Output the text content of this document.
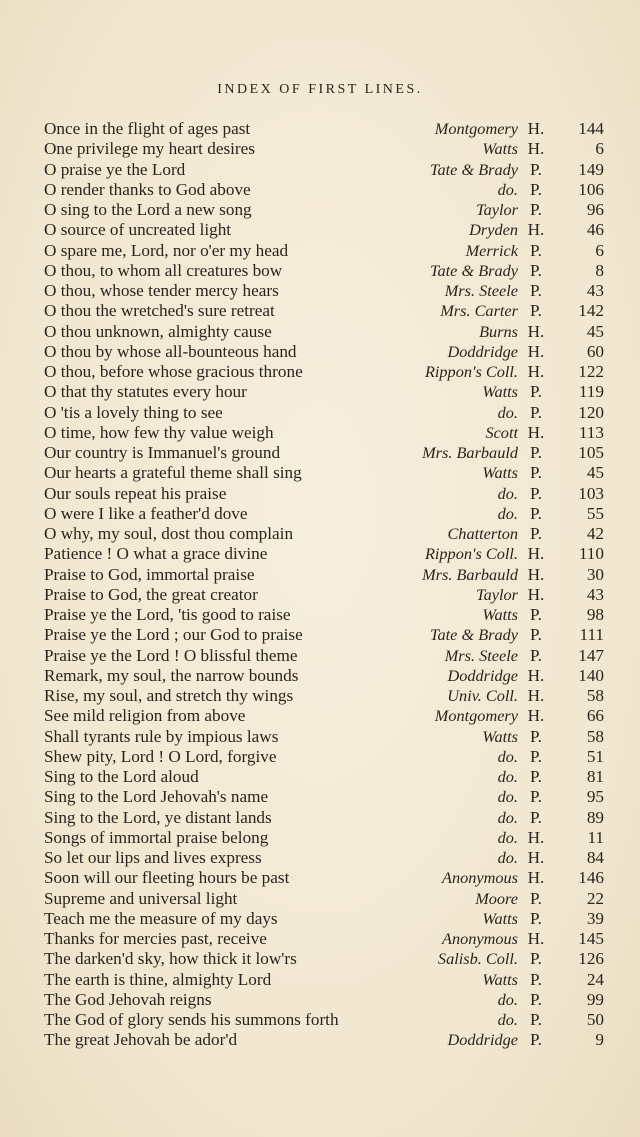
INDEX OF FIRST LINES.
Once in the flight of ages past	Montgomery H.	144
One privilege my heart desires	Watts H.	6
O praise ye the Lord	Tate & Brady P.	149
O render thanks to God above	do. P.	106
O sing to the Lord a new song	Taylor P.	96
O source of uncreated light	Dryden H.	46
O spare me, Lord, nor o'er my head	Merrick P.	6
O thou, to whom all creatures bow	Tate & Brady P.	8
O thou, whose tender mercy hears	Mrs. Steele P.	43
O thou the wretched's sure retreat	Mrs. Carter P.	142
O thou unknown, almighty cause	Burns H.	45
O thou by whose all-bounteous hand	Doddridge H.	60
O thou, before whose gracious throne	Rippon's Coll. H.	122
O that thy statutes every hour	Watts P.	119
O 'tis a lovely thing to see	do. P.	120
O time, how few thy value weigh	Scott H.	113
Our country is Immanuel's ground	Mrs. Barbauld P.	105
Our hearts a grateful theme shall sing	Watts P.	45
Our souls repeat his praise	do. P.	103
O were I like a feather'd dove	do. P.	55
O why, my soul, dost thou complain	Chatterton P.	42
Patience ! O what a grace divine	Rippon's Coll. H.	110
Praise to God, immortal praise	Mrs. Barbauld H.	30
Praise to God, the great creator	Taylor H.	43
Praise ye the Lord, 'tis good to raise	Watts P.	98
Praise ye the Lord ; our God to praise	Tate & Brady P.	111
Praise ye the Lord ! O blissful theme	Mrs. Steele P.	147
Remark, my soul, the narrow bounds	Doddridge H.	140
Rise, my soul, and stretch thy wings	Univ. Coll. H.	58
See mild religion from above	Montgomery H.	66
Shall tyrants rule by impious laws	Watts P.	58
Shew pity, Lord ! O Lord, forgive	do. P.	51
Sing to the Lord aloud	do. P.	81
Sing to the Lord Jehovah's name	do. P.	95
Sing to the Lord, ye distant lands	do. P.	89
Songs of immortal praise belong	do. H.	11
So let our lips and lives express	do. H.	84
Soon will our fleeting hours be past	Anonymous H.	146
Supreme and universal light	Moore P.	22
Teach me the measure of my days	Watts P.	39
Thanks for mercies past, receive	Anonymous H.	145
The darken'd sky, how thick it low'rs	Salisb. Coll. P.	126
The earth is thine, almighty Lord	Watts P.	24
The God Jehovah reigns	do. P.	99
The God of glory sends his summons forth	do. P.	50
The great Jehovah be ador'd	Doddridge P.	9
